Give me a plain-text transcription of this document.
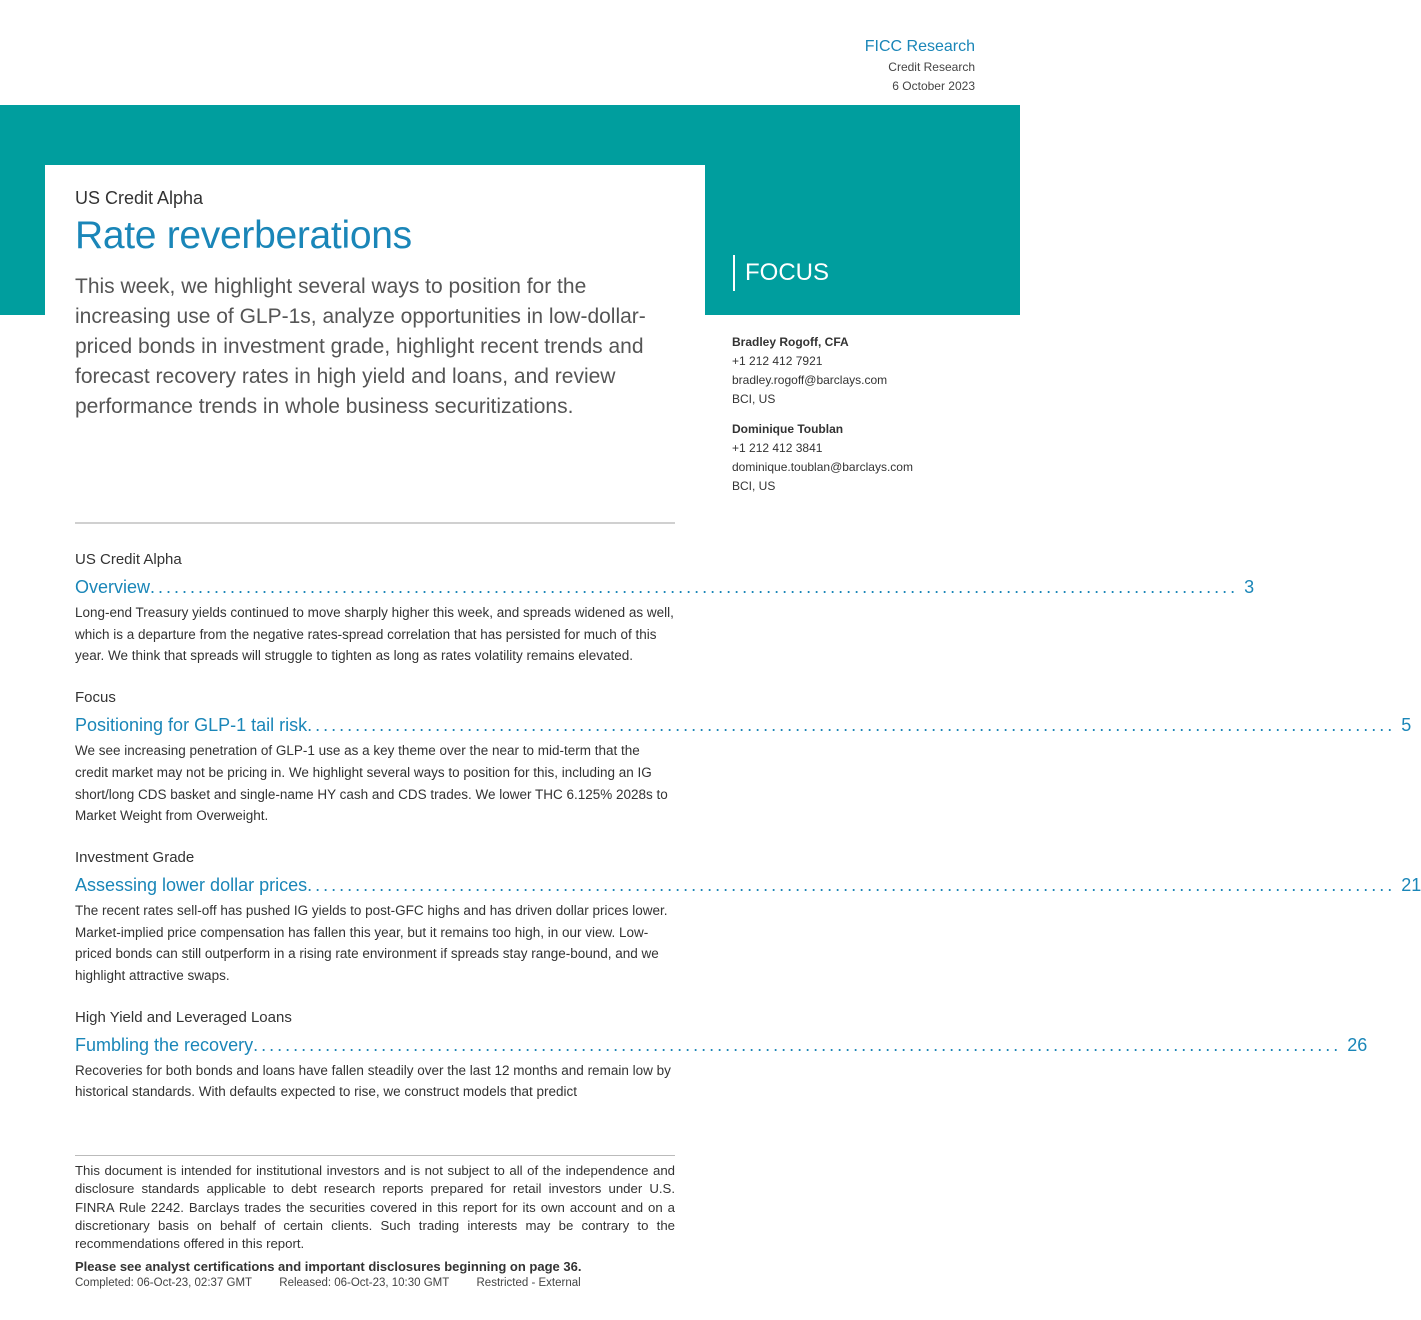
FICC Research
Credit Research
6 October 2023
US Credit Alpha
Rate reverberations

This week, we highlight several ways to position for the increasing use of GLP-1s, analyze opportunities in low-dollar-priced bonds in investment grade, highlight recent trends and forecast recovery rates in high yield and loans, and review performance trends in whole business securitizations.

FOCUS
Bradley Rogoff, CFA
+1 212 412 7921
bradley.rogoff@barclays.com
BCI, US
Dominique Toublan
+1 212 412 3841
dominique.toublan@barclays.com
BCI, US
US Credit Alpha
Overview ........................................................................................................................................ 3

Long-end Treasury yields continued to move sharply higher this week, and spreads widened as well, which is a departure from the negative rates-spread correlation that has persisted for much of this year. We think that spreads will struggle to tighten as long as rates volatility remains elevated.

Focus
Positioning for GLP-1 tail risk ........................................................................................................................................ 5

We see increasing penetration of GLP-1 use as a key theme over the near to mid-term that the credit market may not be pricing in. We highlight several ways to position for this, including an IG short/long CDS basket and single-name HY cash and CDS trades. We lower THC 6.125% 2028s to Market Weight from Overweight.

Investment Grade
Assessing lower dollar prices ........................................................................................................................................ 21

The recent rates sell-off has pushed IG yields to post-GFC highs and has driven dollar prices lower. Market-implied price compensation has fallen this year, but it remains too high, in our view. Low-priced bonds can still outperform in a rising rate environment if spreads stay range-bound, and we highlight attractive swaps.

High Yield and Leveraged Loans
Fumbling the recovery ........................................................................................................................................ 26

Recoveries for both bonds and loans have fallen steadily over the last 12 months and remain low by historical standards. With defaults expected to rise, we construct models that predict

This document is intended for institutional investors and is not subject to all of the independence and disclosure standards applicable to debt research reports prepared for retail investors under U.S. FINRA Rule 2242. Barclays trades the securities covered in this report for its own account and on a discretionary basis on behalf of certain clients. Such trading interests may be contrary to the recommendations offered in this report.

Please see analyst certifications and important disclosures beginning on page 36.
Completed: 06-Oct-23, 02:37 GMT Released: 06-Oct-23, 10:30 GMT Restricted - External
